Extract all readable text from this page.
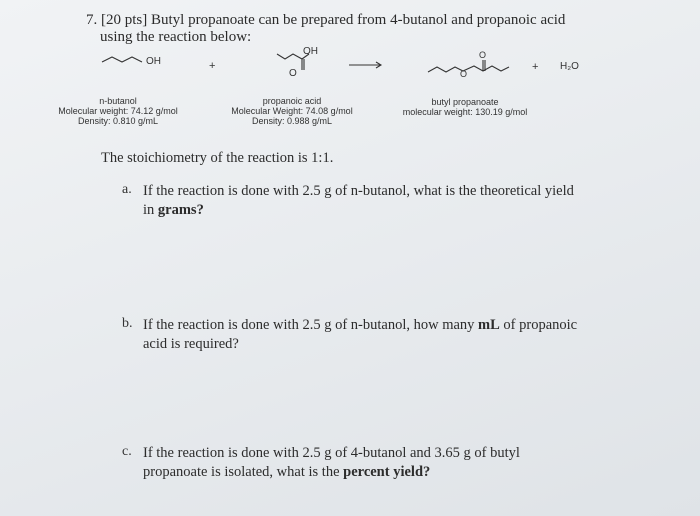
7. [20 pts] Butyl propanoate can be prepared from 4-butanol and propanoic acid
using the reaction below:
OH
OH
O
O
O
+	+ H₂O
n-butanol
Molecular weight: 74.12 g/mol
Density: 0.810 g/mL
propanoic acid
Molecular Weight: 74.08 g/mol
Density: 0.988 g/mL
butyl propanoate
molecular weight: 130.19 g/mol
The stoichiometry of the reaction is 1:1.
a. If the reaction is done with 2.5 g of n-butanol, what is the theoretical yield
in grams?
b. If the reaction is done with 2.5 g of n-butanol, how many mL of propanoic
acid is required?
c. If the reaction is done with 2.5 g of 4-butanol and 3.65 g of butyl
propanoate is isolated, what is the percent yield?
